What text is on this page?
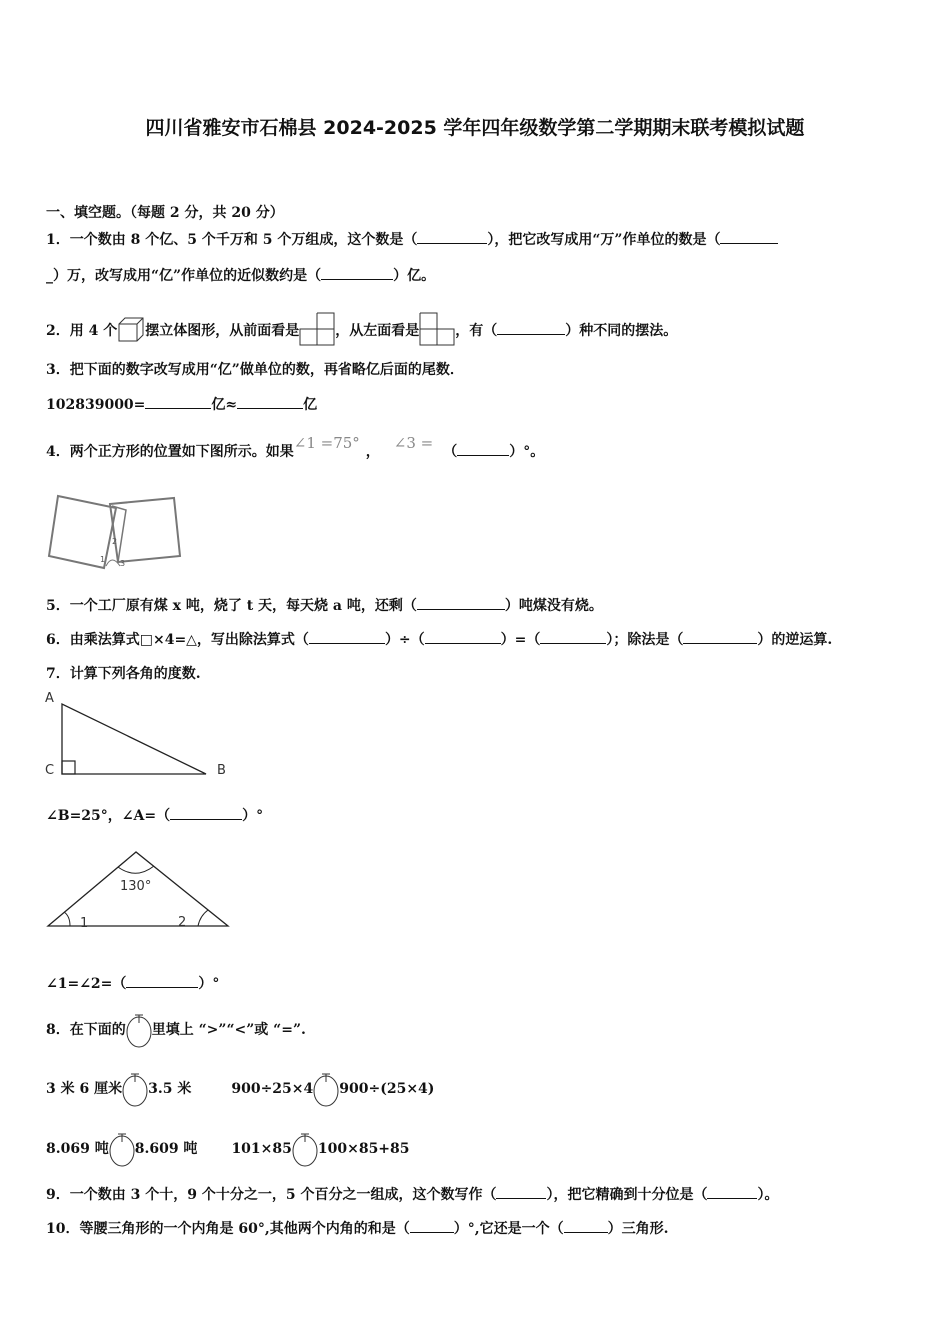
四川省雅安市石棉县 2024-2025 学年四年级数学第二学期期末联考模拟试题
一、填空题。（每题 2 分，共 20 分）
1．一个数由 8 个亿、5 个千万和 5 个万组成，这个数是（	），把它改写成用“万”作单位的数是（
_）万，改写成用“亿”作单位的近似数约是（	）亿。
2．用 4 个 摆立体图形，从前面看是	，从左面看是	，有（	）种不同的摆法。
3．把下面的数字改写成用“亿”做单位的数，再省略亿后面的尾数．
102839000=	亿≈	亿
4．两个正方形的位置如下图所示。如果∠1 =75° ， ∠3 = （	）°。
1
2
3
5．一个工厂原有煤 x 吨，烧了 t 天，每天烧 a 吨，还剩（	）吨煤没有烧。
6．由乘法算式□×4=△，写出除法算式（	）÷（	）=（	）；除法是（	）的逆运算.
7．计算下列各角的度数.
A
C	B
∠B=25°，∠A=（	）°
130°
1	2
∠1=∠2=（	）°
8．在下面的 里填上 “>”“<”或 “=”.
3 米 6 厘米 3.5 米	900÷25×4 900÷(25×4)
8.069 吨 8.609 吨 101×85 100×85+85
9．一个数由 3 个十，9 个十分之一，5 个百分之一组成，这个数写作（	），把它精确到十分位是（	）。
10．等腰三角形的一个内角是 60°,其他两个内角的和是（	）°,它还是一个（	）三角形.
